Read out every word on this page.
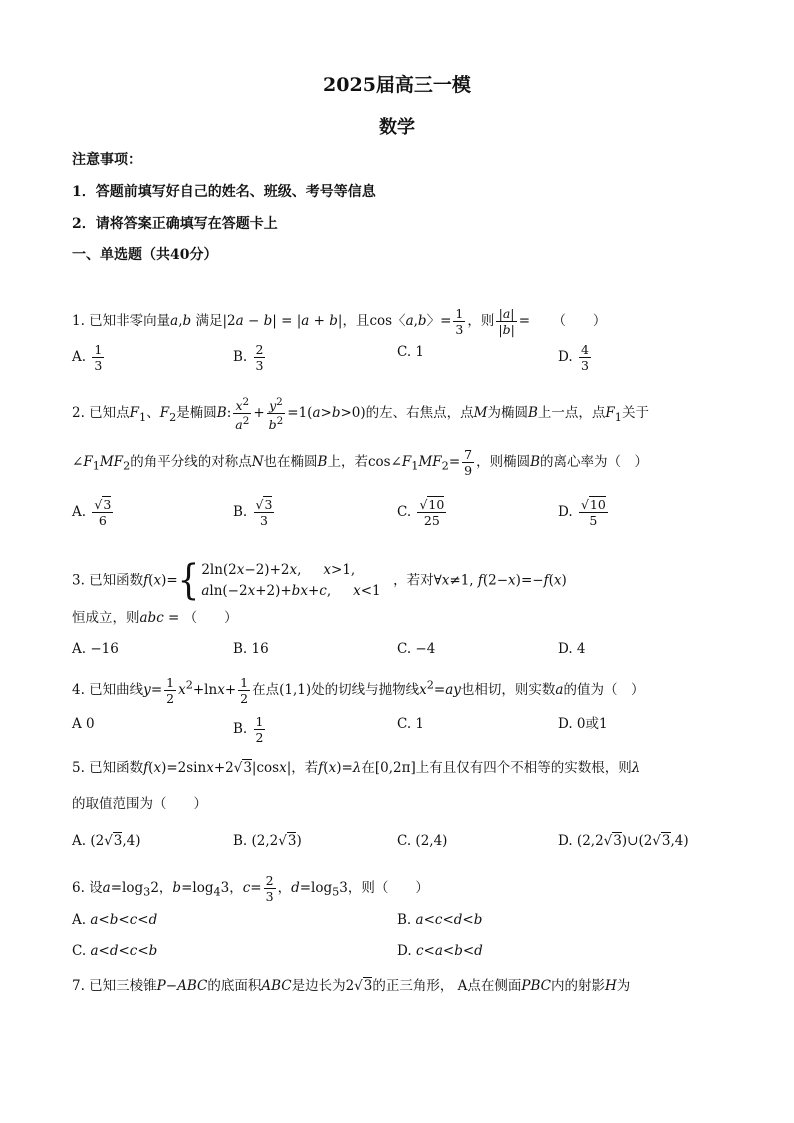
2025届高三一模
数学
注意事项：
1．答题前填写好自己的姓名、班级、考号等信息
2．请将答案正确填写在答题卡上
一、单选题（共40分）
1. 已知非零向量a,b 满足|2a − b| = |a + b|，且cos〈a,b〉= $\frac{1}{3}$ ，则 $\frac{|a|}{|b|}$ = （　　）
A. $\frac{1}{3}$	B. $\frac{2}{3}$	C. 1	D. $\frac{4}{3}$
2. 已知点$F_1$、$F_2$是椭圆B: $\frac{x^2}{a^2} + \frac{y^2}{b^2} =1(a>b>0)$的左、右焦点，点M为椭圆B上一点，点$F_1$关于
$\angle F_1MF_2$的角平分线的对称点N也在椭圆B上，若$\cos\angle F_1MF_2= \frac{7}{9}$ ，则椭圆B的离心率为（　）
A. $\frac{√3}{6}$	B. $\frac{√3}{3}$	C. $\frac{√10}{25}$	D. $\frac{√10}{5}$
3. 已知函数f(x)={ 2ln(2x−2)+2x, x>1,
aln(−2x+2)+bx+c, x<1
，若对∀x≠1, f(2−x)=−f(x)
恒成立，则abc = （　　）
A. −16	B. 16	C. −4	D. 4
4. 已知曲线$y= \frac{1}{2} x^2+\ln x+ \frac{1}{2}$ 在点(1,1)处的切线与抛物线$x^2=ay$也相切，则实数a的值为（　）
A 0	B. $\frac{1}{2}$	C. 1	D. 0或1
5. 已知函数f(x)=2sinx+2√3|cosx|，若f(x)=λ在[0,2π]上有且仅有四个不相等的实数根，则λ
的取值范围为（　　）
A. (2√3,4)	B. (2,2√3)	C. (2,4)	D. (2,2√3)∪(2√3,4)
6. 设$a=\log_32$，$b=\log_43$，$c= \frac{2}{3}$ ，$d=\log_53$，则（　　）
A. a<b<c<d	B. a<c<d<b
C. a<d<c<b	D. c<a<b<d
7. 已知三棱锥P−ABC的底面积ABC是边长为2√3的正三角形， A点在侧面PBC内的射影H为
